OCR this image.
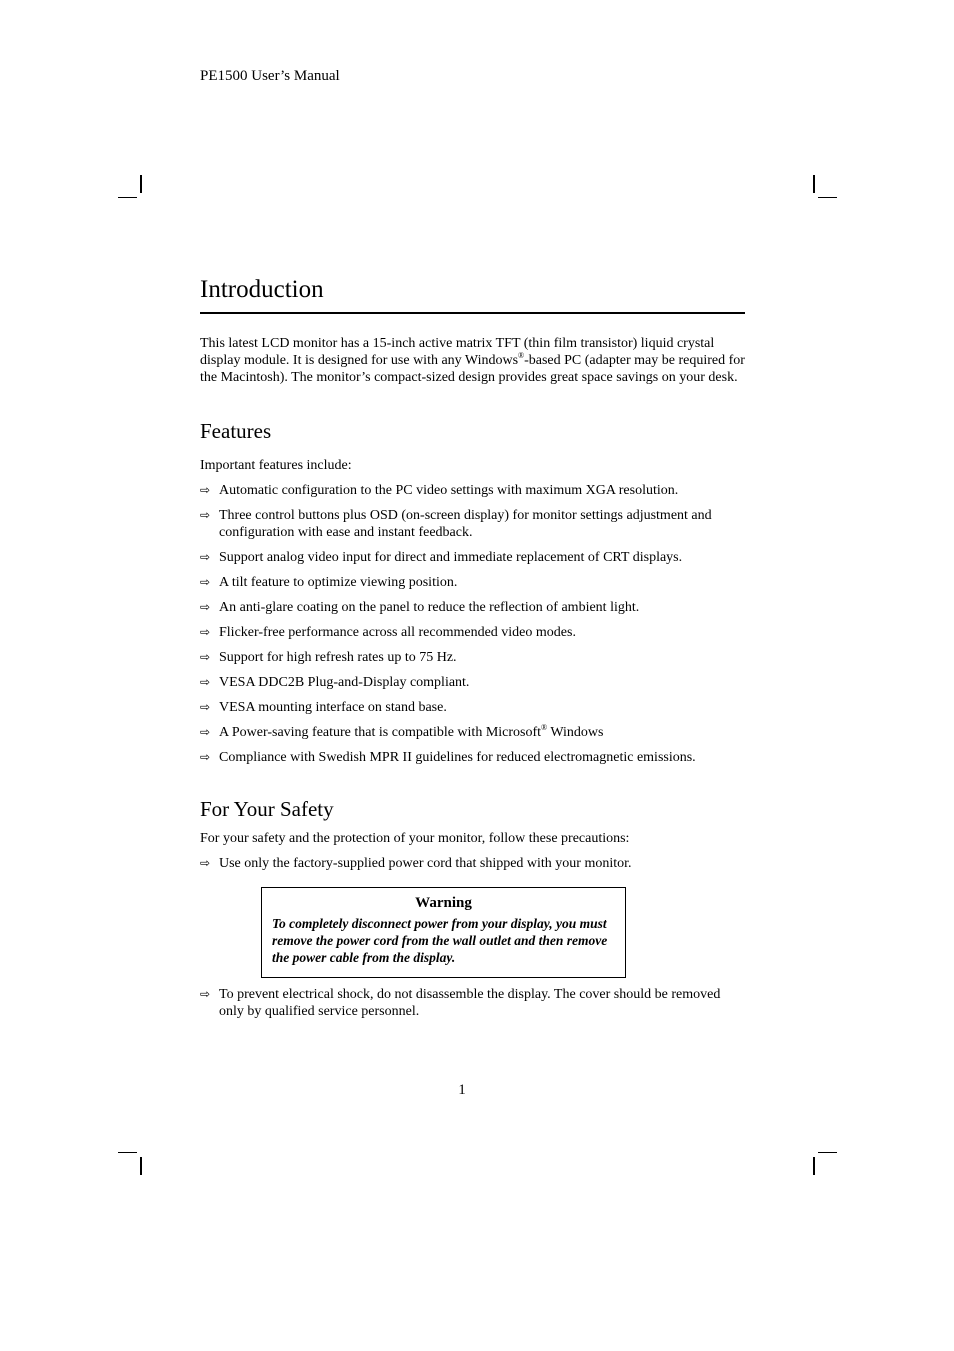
PE1500 User’s Manual
Introduction

This latest LCD monitor has a 15-inch active matrix TFT (thin film transistor) liquid crystal display module. It is designed for use with any Windows®-based PC (adapter may be required for the Macintosh). The monitor’s compact-sized design provides great space savings on your desk.

Features

Important features include:

⇨ Automatic configuration to the PC video settings with maximum XGA resolution.
⇨ Three control buttons plus OSD (on-screen display) for monitor settings adjustment and configuration with ease and instant feedback.
⇨ Support analog video input for direct and immediate replacement of CRT displays.
⇨ A tilt feature to optimize viewing position.
⇨ An anti-glare coating on the panel to reduce the reflection of ambient light.
⇨ Flicker-free performance across all recommended video modes.
⇨ Support for high refresh rates up to 75 Hz.
⇨ VESA DDC2B Plug-and-Display compliant.
⇨ VESA mounting interface on stand base.
⇨ A Power-saving feature that is compatible with Microsoft® Windows
⇨ Compliance with Swedish MPR II guidelines for reduced electromagnetic emissions.
For Your Safety

For your safety and the protection of your monitor, follow these precautions:

⇨ Use only the factory-supplied power cord that shipped with your monitor.
Warning
To completely disconnect power from your display, you must remove the power cord from the wall outlet and then remove the power cable from the display.
⇨ To prevent electrical shock, do not disassemble the display. The cover should be removed only by qualified service personnel.
1
